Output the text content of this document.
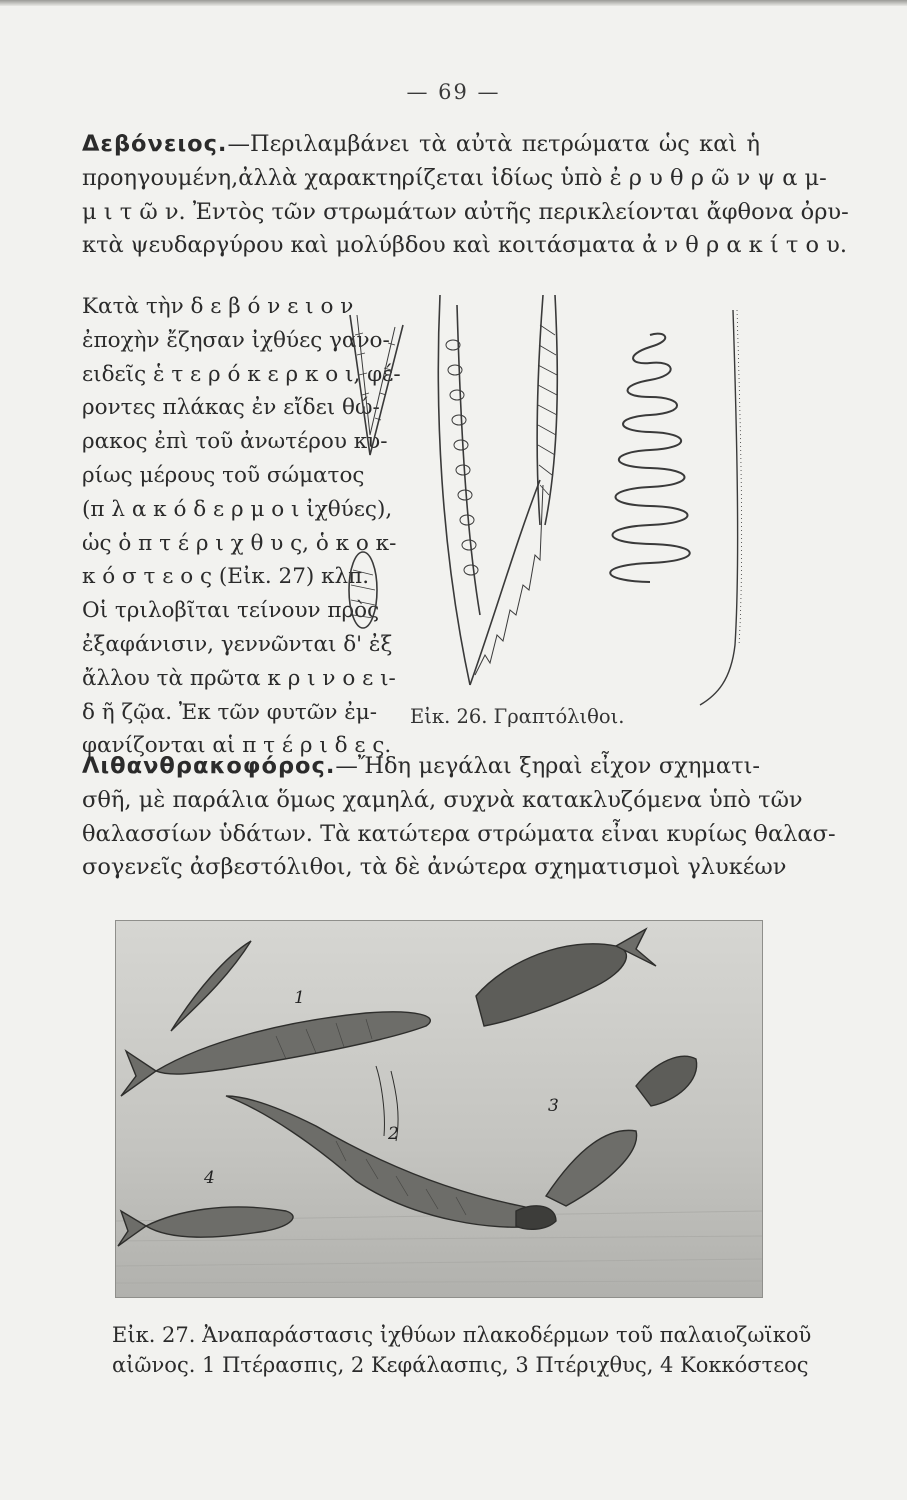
— 69 —
Δεβόνειος.—Περιλαμβάνει τὰ αὐτὰ πετρώματα ὡς καὶ ἡ
προηγουμένη,ἀλλὰ χαρακτηρίζεται ἰδίως ὑπὸ ἐ ρ υ θ ρ ῶ ν ψ α μ-
μ ι τ ῶ ν. Ἐντὸς τῶν στρωμάτων αὐτῆς περικλείονται ἄφθονα ὀρυ-
κτὰ ψευδαργύρου καὶ μολύβδου καὶ κοιτάσματα ἀ ν θ ρ α κ ί τ ο υ.
Κατὰ τὴν δ ε β ό ν ε ι ο ν
ἐποχὴν ἔζησαν ἰχθύες γανο-
ειδεῖς ἑ τ ε ρ ό κ ε ρ κ ο ι, φέ-
ροντες πλάκας ἐν εἴδει θώ-
ρακος ἐπὶ τοῦ ἀνωτέρου κυ-
ρίως μέρους τοῦ σώματος
(π λ α κ ό δ ε ρ μ ο ι ἰχθύες),
ὡς ὁ π τ έ ρ ι χ θ υ ς, ὁ κ ο κ-
κ ό σ τ ε ο ς (Εἰκ. 27) κλπ.
Οἱ τριλοβῖται τείνουν πρὸς
ἐξαφάνισιν, γεννῶνται δ' ἐξ
ἄλλου τὰ πρῶτα κ ρ ι ν ο ε ι-
δ ῆ ζῷα. Ἐκ τῶν φυτῶν ἐμ-
φανίζονται αἱ π τ έ ρ ι δ ε ς.
Εἰκ. 26. Γραπτόλιθοι.
Λιθανθρακοφόρος.—Ἤδη μεγάλαι ξηραὶ εἶχον σχηματι-
σθῆ, μὲ παράλια ὅμως χαμηλά, συχνὰ κατακλυζόμενα ὑπὸ τῶν
θαλασσίων ὑδάτων. Τὰ κατώτερα στρώματα εἶναι κυρίως θαλασ-
σογενεῖς ἀσβεστόλιθοι, τὰ δὲ ἀνώτερα σχηματισμοὶ γλυκέων
1
2
3
4
Εἰκ. 27. Ἀναπαράστασις ἰχθύων πλακοδέρμων τοῦ παλαιοζωϊκοῦ
αἰῶνος. 1 Πτέρασπις, 2 Κεφάλασπις, 3 Πτέριχθυς, 4 Κοκκόστεος
